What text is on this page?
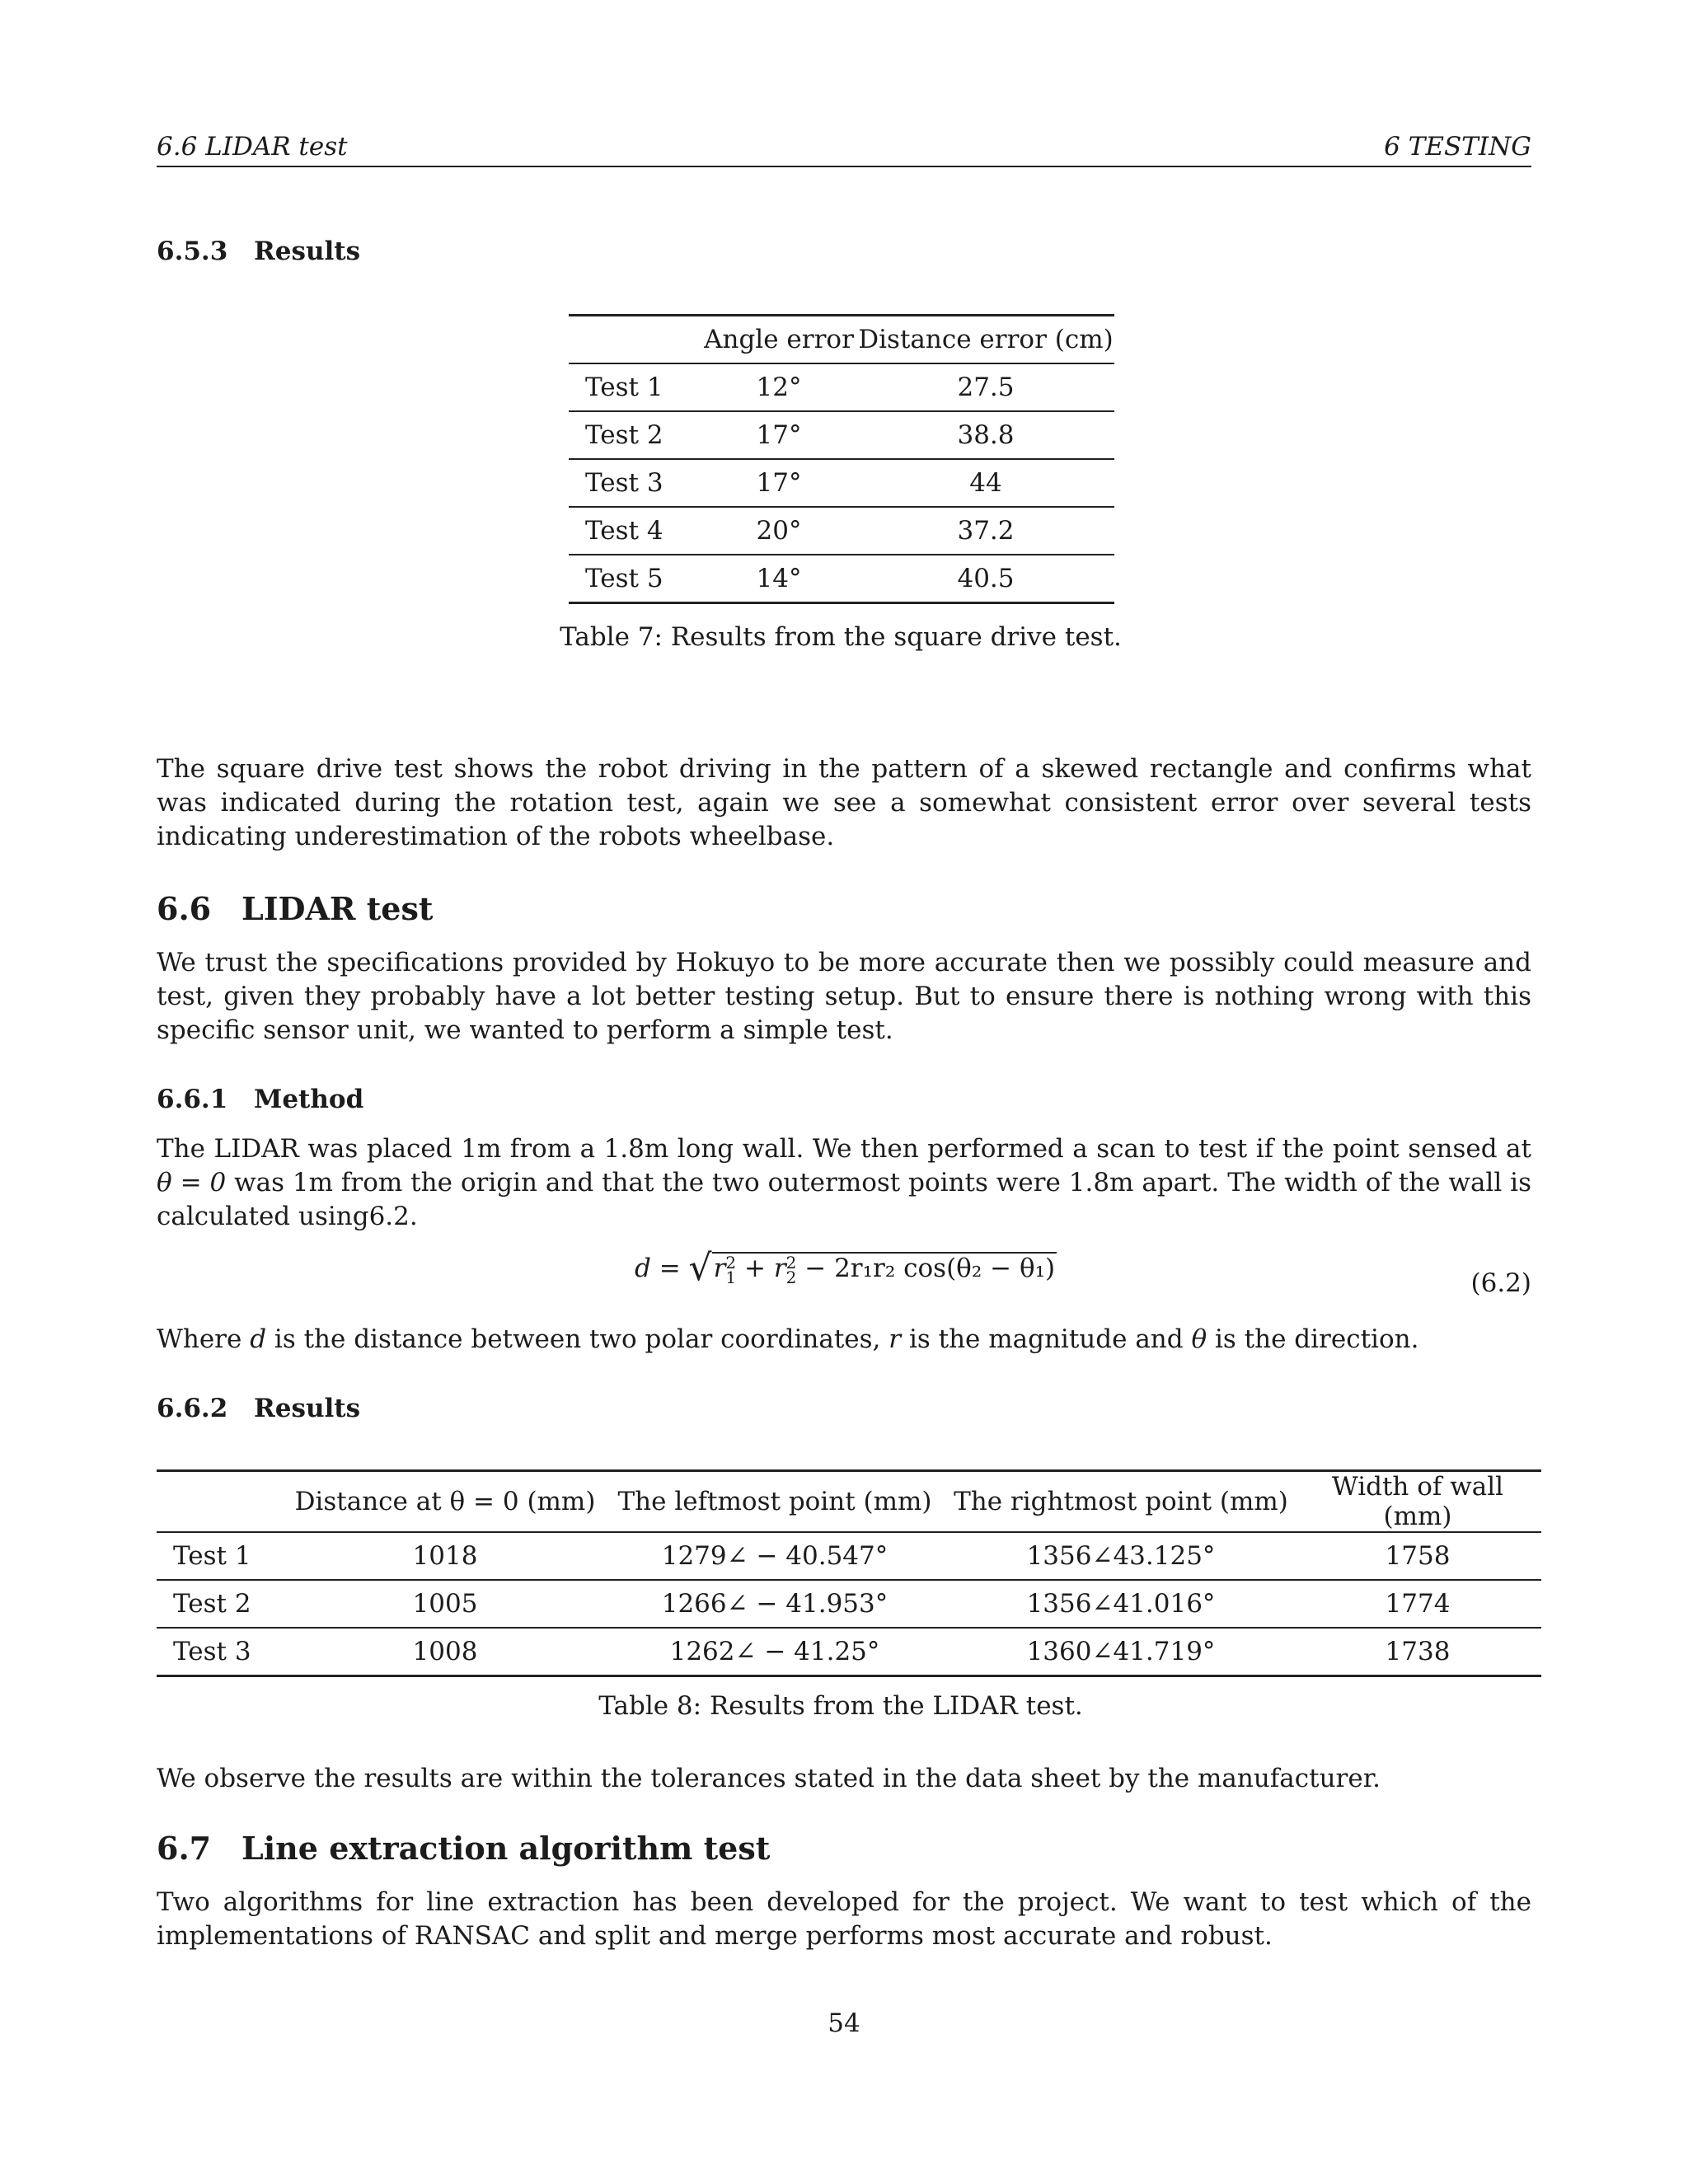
6.6 LIDAR test	6 TESTING
6.5.3 Results
	Angle error	Distance error (cm)
Test 1	12°	27.5
Test 2	17°	38.8
Test 3	17°	44
Test 4	20°	37.2
Test 5	14°	40.5
Table 7: Results from the square drive test.
The square drive test shows the robot driving in the pattern of a skewed rectangle and confirms what was indicated during the rotation test, again we see a somewhat consistent error over several tests indicating underestimation of the robots wheelbase.
6.6 LIDAR test
We trust the specifications provided by Hokuyo to be more accurate then we possibly could measure and test, given they probably have a lot better testing setup. But to ensure there is nothing wrong with this specific sensor unit, we wanted to perform a simple test.
6.6.1 Method
The LIDAR was placed 1m from a 1.8m long wall. We then performed a scan to test if the point sensed at θ = 0 was 1m from the origin and that the two outermost points were 1.8m apart. The width of the wall is calculated using6.2.
d = √r 2
1 + r 2
2 − 2r₁r₂ cos(θ₂ − θ₁)	(6.2)
Where d is the distance between two polar coordinates, r is the magnitude and θ is the direction.
6.6.2 Results
	Distance at θ = 0 (mm)	The leftmost point (mm)	The rightmost point (mm)	Width of wall (mm)
Test 1	1018	1279∠ − 40.547°	1356∠43.125°	1758
Test 2	1005	1266∠ − 41.953°	1356∠41.016°	1774
Test 3	1008	1262∠ − 41.25°	1360∠41.719°	1738
Table 8: Results from the LIDAR test.
We observe the results are within the tolerances stated in the data sheet by the manufacturer.
6.7 Line extraction algorithm test
Two algorithms for line extraction has been developed for the project. We want to test which of the implementations of RANSAC and split and merge performs most accurate and robust.
54
